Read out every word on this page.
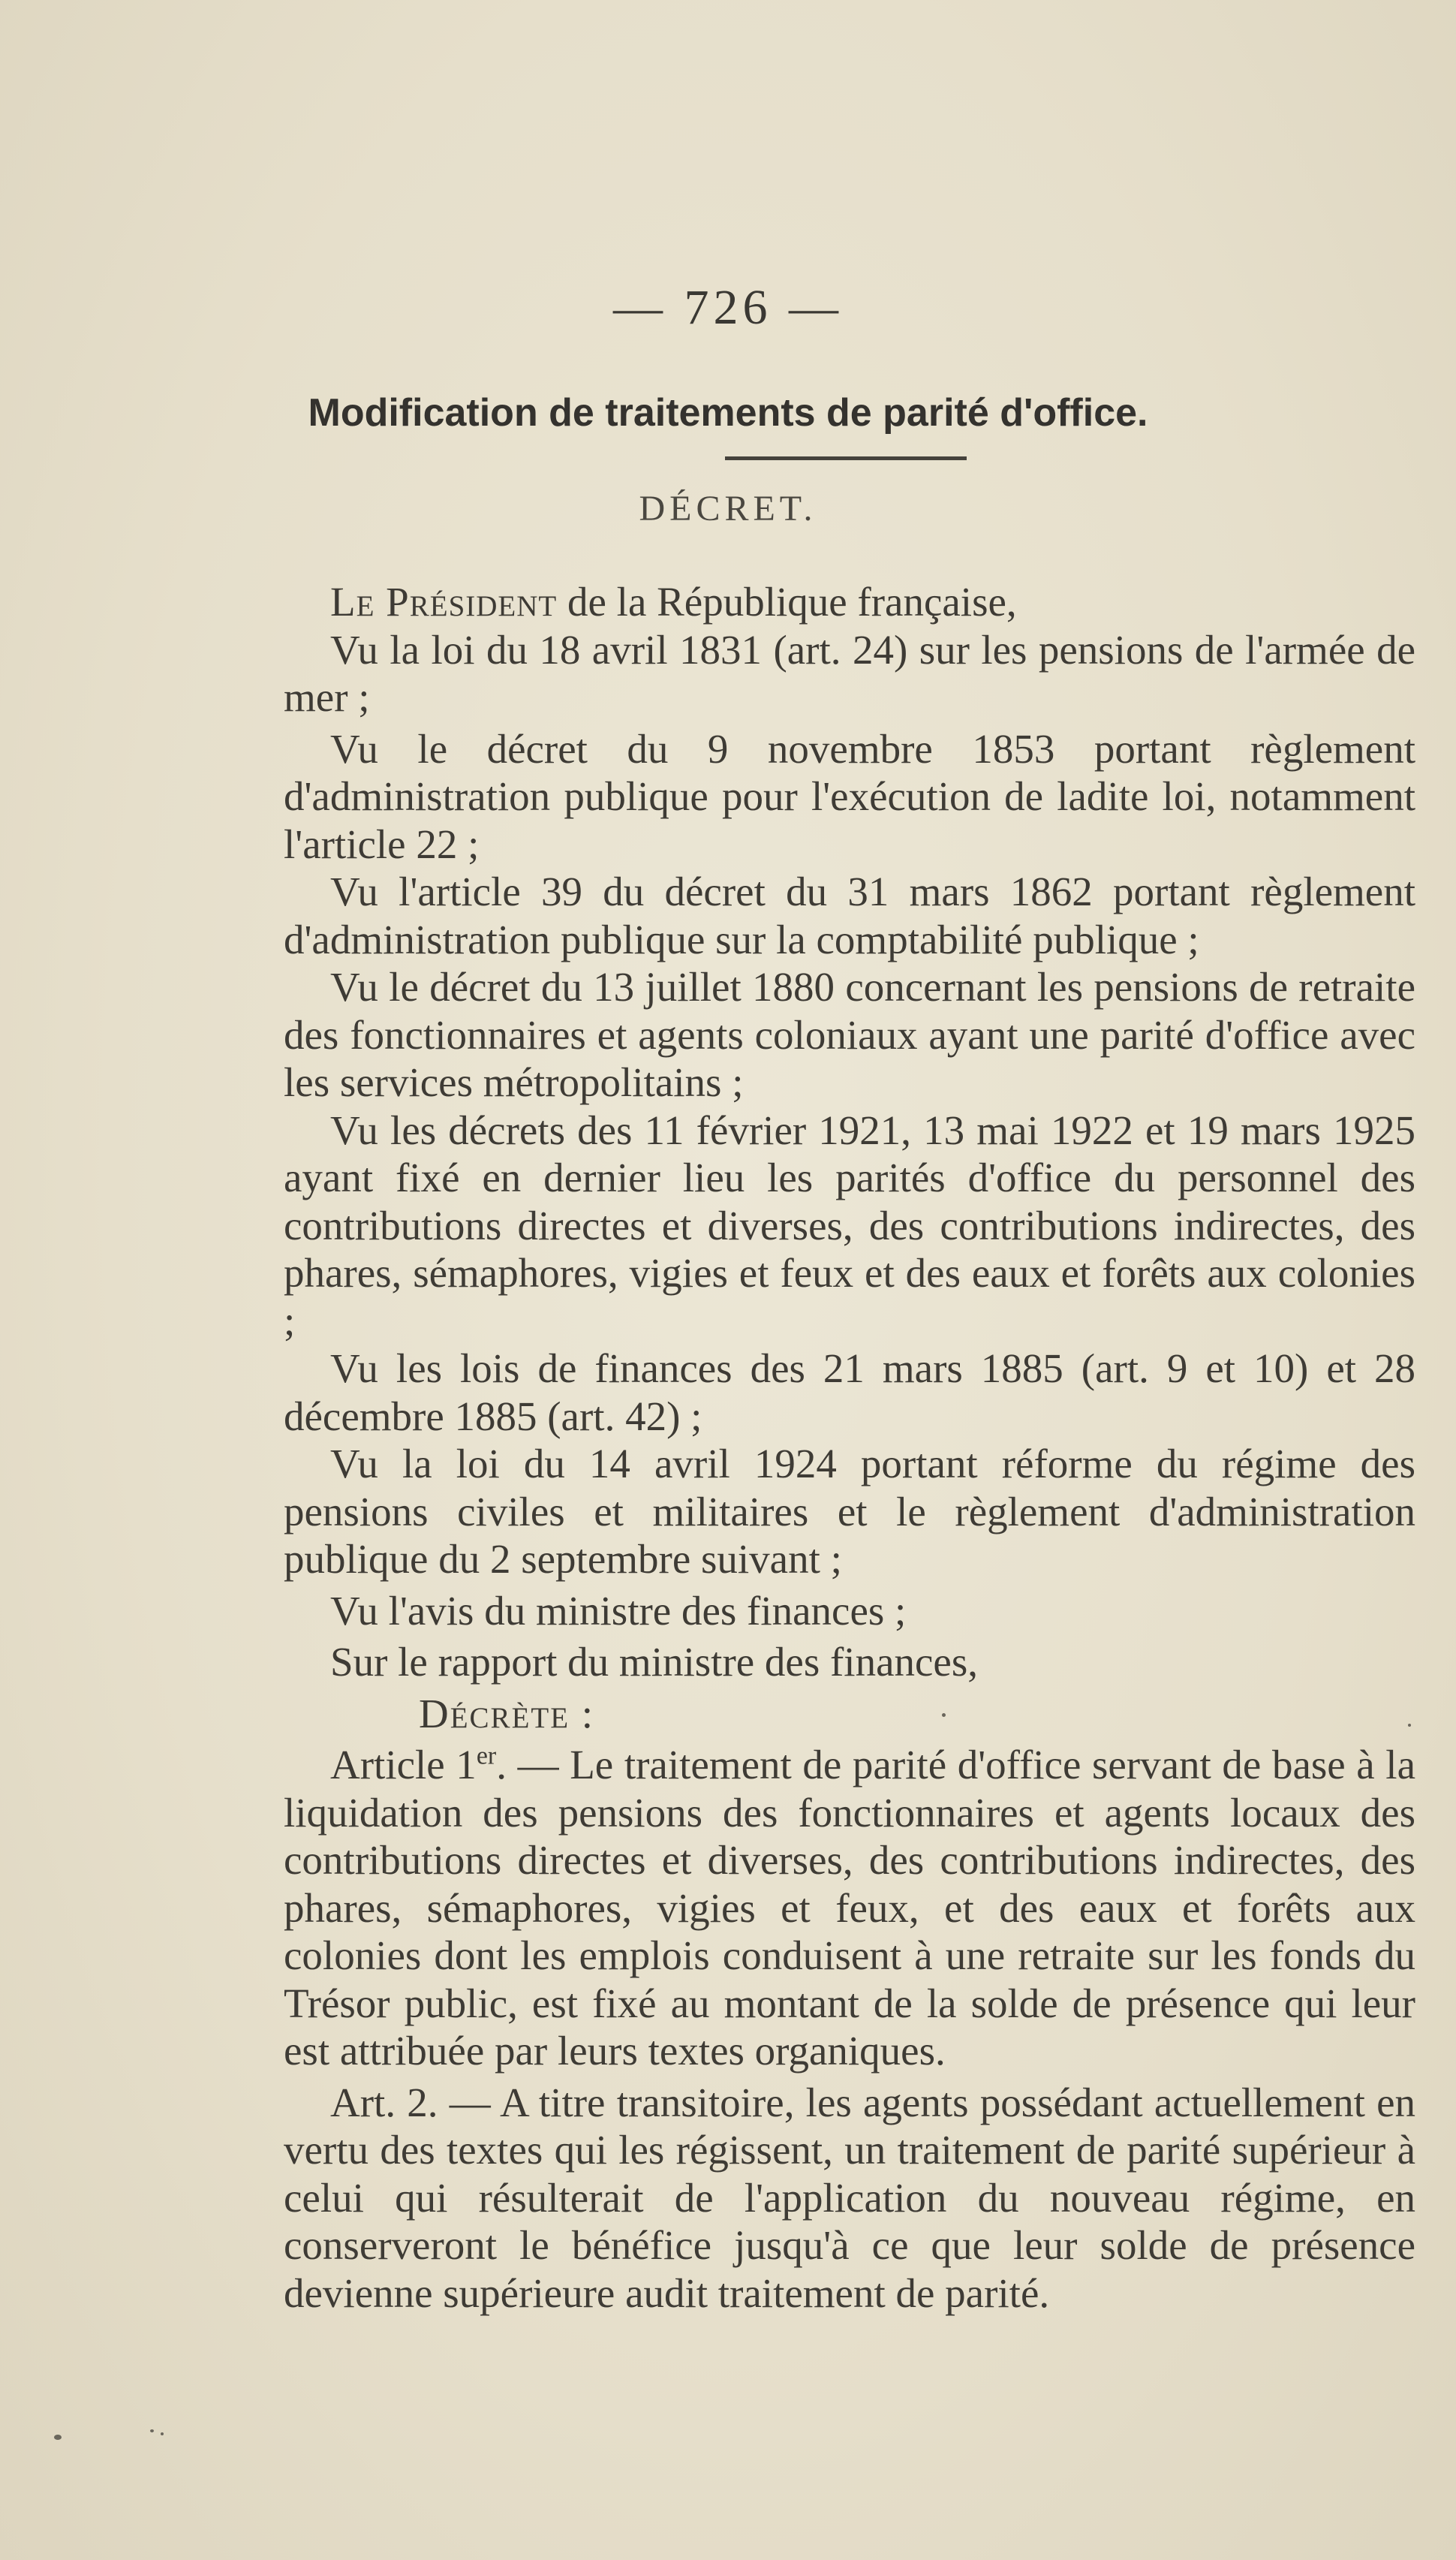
— 726 —
Modification de traitements de parité d'office.
DÉCRET.

Le Président de la République française,

Vu la loi du 18 avril 1831 (art. 24) sur les pensions de l'armée de mer ;

Vu le décret du 9 novembre 1853 portant règlement d'administration publique pour l'exécution de ladite loi, notamment l'article 22 ;

Vu l'article 39 du décret du 31 mars 1862 portant règlement d'administration publique sur la comptabilité publique ;

Vu le décret du 13 juillet 1880 concernant les pensions de retraite des fonctionnaires et agents coloniaux ayant une parité d'office avec les services métropolitains ;

Vu les décrets des 11 février 1921, 13 mai 1922 et 19 mars 1925 ayant fixé en dernier lieu les parités d'office du personnel des contributions directes et diverses, des contributions indirectes, des phares, sémaphores, vigies et feux et des eaux et forêts aux colonies ;

Vu les lois de finances des 21 mars 1885 (art. 9 et 10) et 28 décembre 1885 (art. 42) ;

Vu la loi du 14 avril 1924 portant réforme du régime des pensions civiles et militaires et le règlement d'administration publique du 2 septembre suivant ;

Vu l'avis du ministre des finances ;

Sur le rapport du ministre des finances,

Décrète :

Article 1er. — Le traitement de parité d'office servant de base à la liquidation des pensions des fonctionnaires et agents locaux des contributions directes et diverses, des contributions indirectes, des phares, sémaphores, vigies et feux, et des eaux et forêts aux colonies dont les emplois conduisent à une retraite sur les fonds du Trésor public, est fixé au montant de la solde de présence qui leur est attribuée par leurs textes organiques.

Art. 2. — A titre transitoire, les agents possédant actuellement en vertu des textes qui les régissent, un traitement de parité supérieur à celui qui résulterait de l'application du nouveau régime, en conserveront le bénéfice jusqu'à ce que leur solde de présence devienne supérieure audit traitement de parité.
